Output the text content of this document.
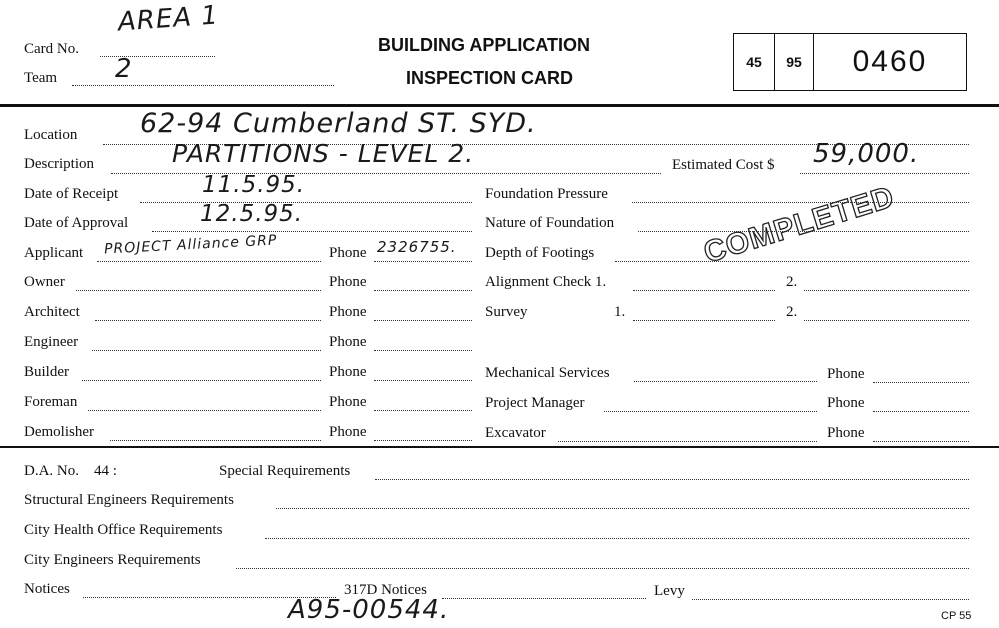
AREA 1
Card No.
Team 2
BUILDING APPLICATION
INSPECTION CARD
45	95	0460
Location 62-94 Cumberland ST. SYD.
Description	PARTITIONS - LEVEL 2.	Estimated Cost $ 59,000.
Date of Receipt	11.5.95.	Foundation Pressure
Date of Approval	12.5.95.	Nature of Foundation
Applicant PROJECT Alliance GRP	Phone 2326755. Depth of Footings
Owner	Phone	Alignment Check 1.	2.
Architect	Phone	Survey	1.	2.
Engineer	Phone
Builder	Phone	Mechanical Services	Phone
Foreman	Phone	Project Manager	Phone
Demolisher	Phone	Excavator	Phone
COMPLETED
D.A. No. 44 :	Special Requirements
Structural Engineers Requirements
City Health Office Requirements
City Engineers Requirements
Notices	317D Notices	Levy
A95-00544.	CP 55
